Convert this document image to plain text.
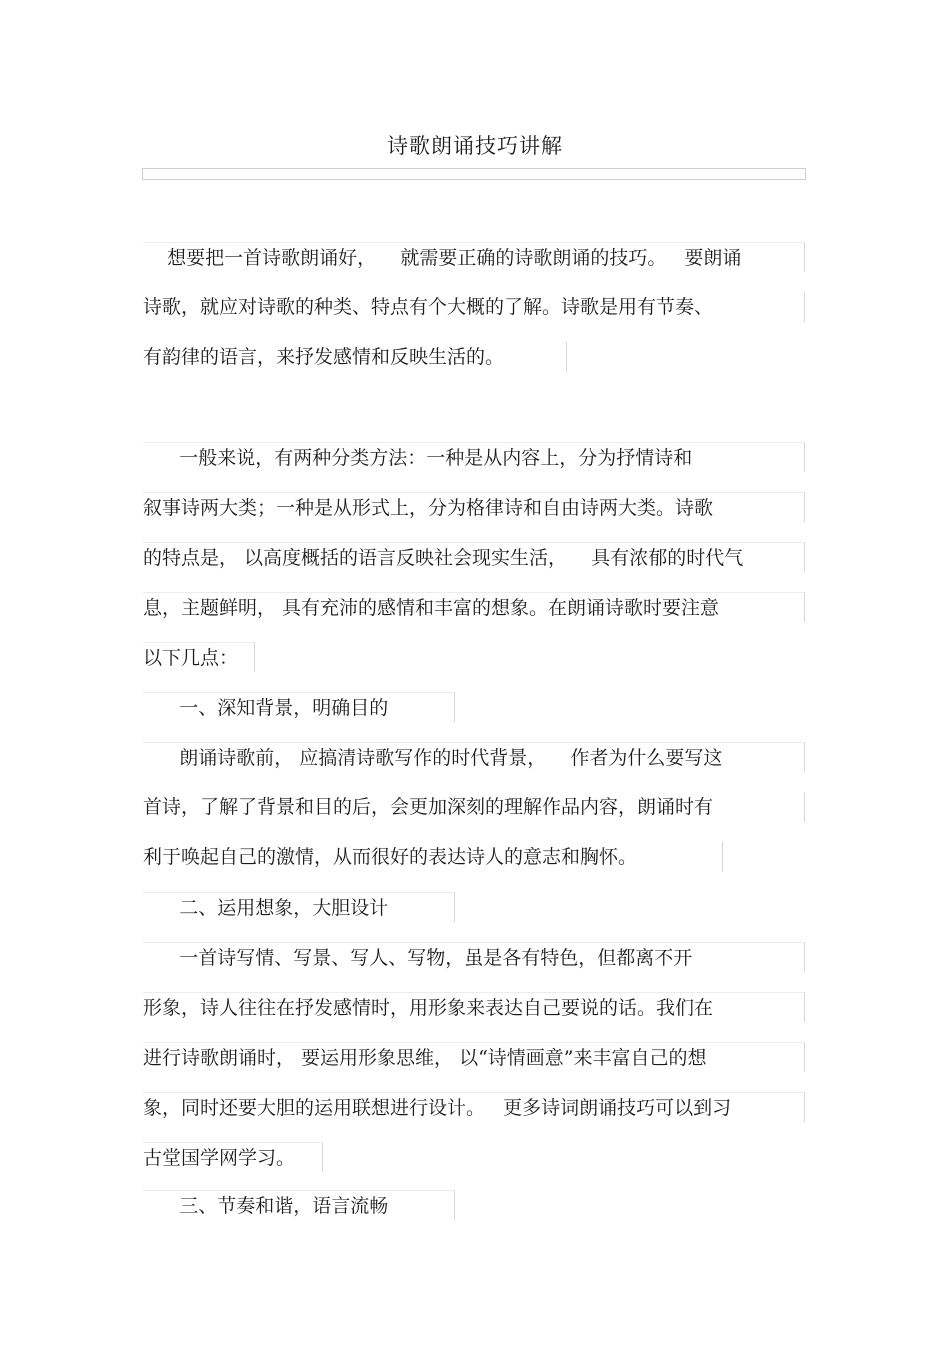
诗歌朗诵技巧讲解
想要把一首诗歌朗诵好，    就需要正确的诗歌朗诵的技巧。   要朗诵
诗歌，就应对诗歌的种类、特点有个大概的了解。诗歌是用有节奏、
有韵律的语言，来抒发感情和反映生活的。
一般来说，有两种分类方法：一种是从内容上，分为抒情诗和
叙事诗两大类；一种是从形式上，分为格律诗和自由诗两大类。诗歌
的特点是， 以高度概括的语言反映社会现实生活，    具有浓郁的时代气
息，主题鲜明， 具有充沛的感情和丰富的想象。在朗诵诗歌时要注意
以下几点：
一、深知背景，明确目的
朗诵诗歌前， 应搞清诗歌写作的时代背景，    作者为什么要写这
首诗，了解了背景和目的后，会更加深刻的理解作品内容，朗诵时有
利于唤起自己的激情，从而很好的表达诗人的意志和胸怀。
二、运用想象，大胆设计
一首诗写情、写景、写人、写物，虽是各有特色，但都离不开
形象，诗人往往在抒发感情时，用形象来表达自己要说的话。我们在
进行诗歌朗诵时， 要运用形象思维， 以“诗情画意”来丰富自己的想
象，同时还要大胆的运用联想进行设计。   更多诗词朗诵技巧可以到习
古堂国学网学习。
三、节奏和谐，语言流畅
